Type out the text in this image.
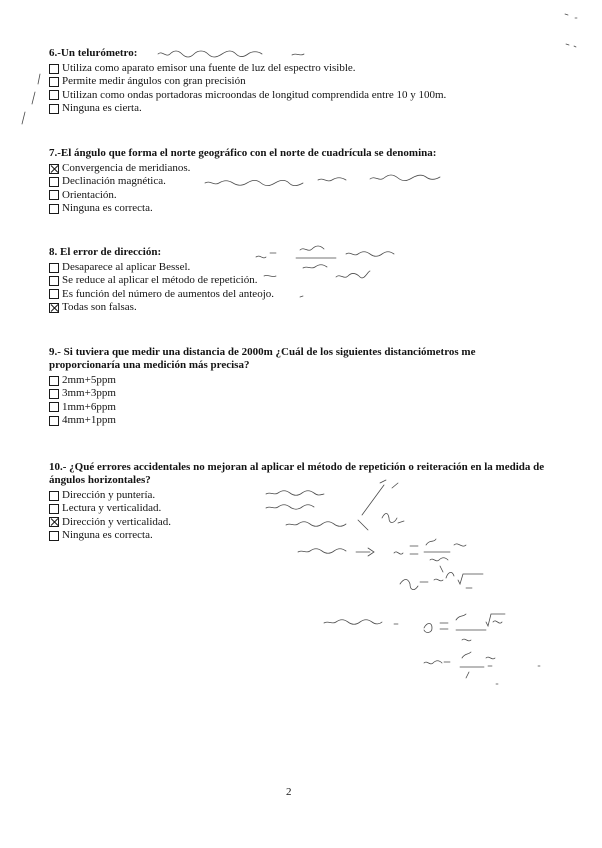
6.-Un telurómetro:
Utiliza como aparato emisor una fuente de luz del espectro visible.
Permite medir ángulos con gran precisión
Utilizan como ondas portadoras microondas de longitud comprendida entre 10 y 100m.
Ninguna es cierta.
7.-El ángulo que forma el norte geográfico con el norte de cuadrícula se denomina:
Convergencia de meridianos.
Declinación magnética.
Orientación.
Ninguna es correcta.
8. El error de dirección:
Desaparece al aplicar Bessel.
Se reduce al aplicar el método de repetición.
Es función del número de aumentos del anteojo.
Todas son falsas.
9.- Si tuviera que medir una distancia de 2000m ¿Cuál de los siguientes distanciómetros me proporcionaría una medición más precisa?
2mm+5ppm
3mm+3ppm
1mm+6ppm
4mm+1ppm
10.- ¿Qué errores accidentales no mejoran al aplicar el método de repetición o reiteración en la medida de ángulos horizontales?
Dirección y puntería.
Lectura y verticalidad.
Dirección y verticalidad.
Ninguna es correcta.
2
